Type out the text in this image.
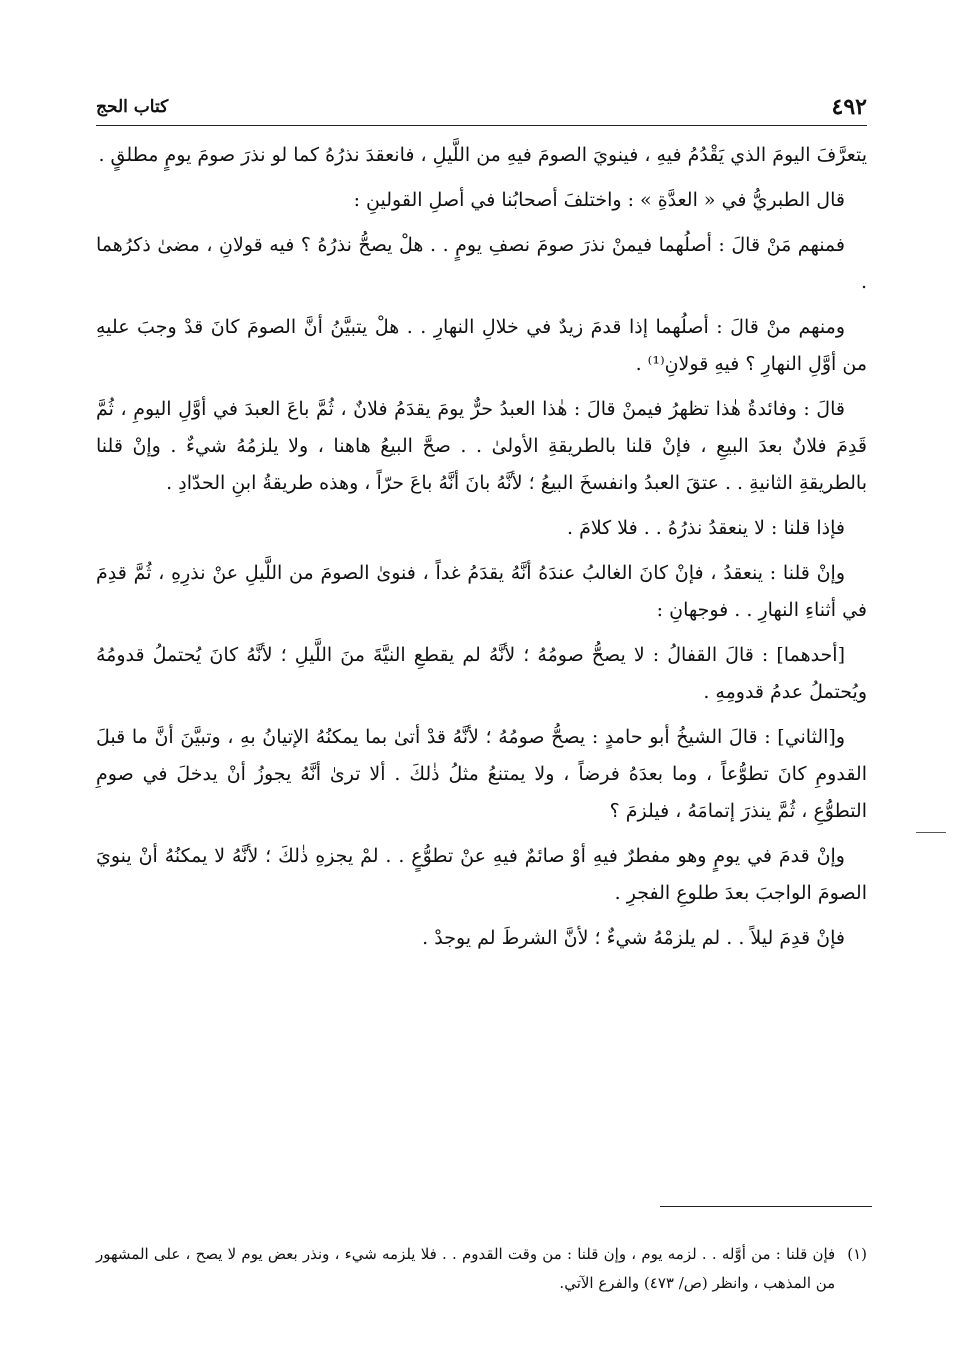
٤٩٢
كتاب الحج

يتعرَّفَ اليومَ الذي يَقْدُمُ فيهِ ، فينويَ الصومَ فيهِ من اللَّيلِ ، فانعقدَ نذرُهُ كما لو نذرَ صومَ يومٍ مطلقٍ .

قال الطبريُّ في « العدَّةِ » : واختلفَ أصحابُنا في أصلِ القولينِ :

فمنهم مَنْ قالَ : أصلُهما فيمنْ نذرَ صومَ نصفِ يومٍ . . هلْ يصحُّ نذرُهُ ؟ فيه قولانِ ، مضىٰ ذكرُهما .

ومنهم منْ قالَ : أصلُهما إذا قدمَ زيدٌ في خلالِ النهارِ . . هلْ يتبيَّنُ أنَّ الصومَ كانَ قدْ وجبَ عليهِ من أوَّلِ النهارِ ؟ فيهِ قولانِ⁽¹⁾ .

قالَ : وفائدةُ هٰذا تظهرُ فيمنْ قالَ : هٰذا العبدُ حرٌّ يومَ يقدَمُ فلانٌ ، ثُمَّ باعَ العبدَ في أوَّلِ اليومِ ، ثُمَّ قَدِمَ فلانٌ بعدَ البيعِ ، فإنْ قلنا بالطريقةِ الأولىٰ . . صحَّ البيعُ هاهنا ، ولا يلزمُهُ شيءٌ . وإنْ قلنا بالطريقةِ الثانيةِ . . عتقَ العبدُ وانفسخَ البيعُ ؛ لأنَّهُ بانَ أنَّهُ باعَ حرّاً ، وهذه طريقةُ ابنِ الحدّادِ .

فإذا قلنا : لا ينعقدُ نذرُهُ . . فلا كلامَ .

وإنْ قلنا : ينعقدُ ، فإنْ كانَ الغالبُ عندَهُ أنَّهُ يقدَمُ غداً ، فنوىٰ الصومَ من اللَّيلِ عنْ نذرِهِ ، ثُمَّ قدِمَ في أثناءِ النهارِ . . فوجهانِ :

[أحدهما] : قالَ القفالُ : لا يصحُّ صومُهُ ؛ لأنَّهُ لم يقطعِ النيَّةَ منَ اللَّيلِ ؛ لأنَّهُ كانَ يُحتملُ قدومُهُ ويُحتملُ عدمُ قدومِهِ .

و[الثاني] : قالَ الشيخُ أبو حامدٍ : يصحُّ صومُهُ ؛ لأنَّهُ قدْ أتىٰ بما يمكنُهُ الإتيانُ بهِ ، وتبيَّنَ أنَّ ما قبلَ القدومِ كانَ تطوُّعاً ، وما بعدَهُ فرضاً ، ولا يمتنعُ مثلُ ذٰلكَ . ألا ترىٰ أنَّهُ يجوزُ أنْ يدخلَ في صومِ التطوُّعِ ، ثُمَّ ينذرَ إتمامَهُ ، فيلزمَ ؟

وإنْ قدمَ في يومٍ وهو مفطرٌ فيهِ أوْ صائمٌ فيهِ عنْ تطوُّعٍ . . لمْ يجزهِ ذٰلكَ ؛ لأنَّهُ لا يمكنُهُ أنْ ينويَ الصومَ الواجبَ بعدَ طلوعِ الفجرِ .

فإنْ قدِمَ ليلاً . . لم يلزمْهُ شيءٌ ؛ لأنَّ الشرطَ لم يوجدْ .

(١)
فإن قلنا : من أوَّله . . لزمه يوم ، وإن قلنا : من وقت القدوم . . فلا يلزمه شيء ، ونذر بعض يوم لا يصح ، على المشهور من المذهب ، وانظر (ص/ ٤٧٣) والفرع الآتي.
